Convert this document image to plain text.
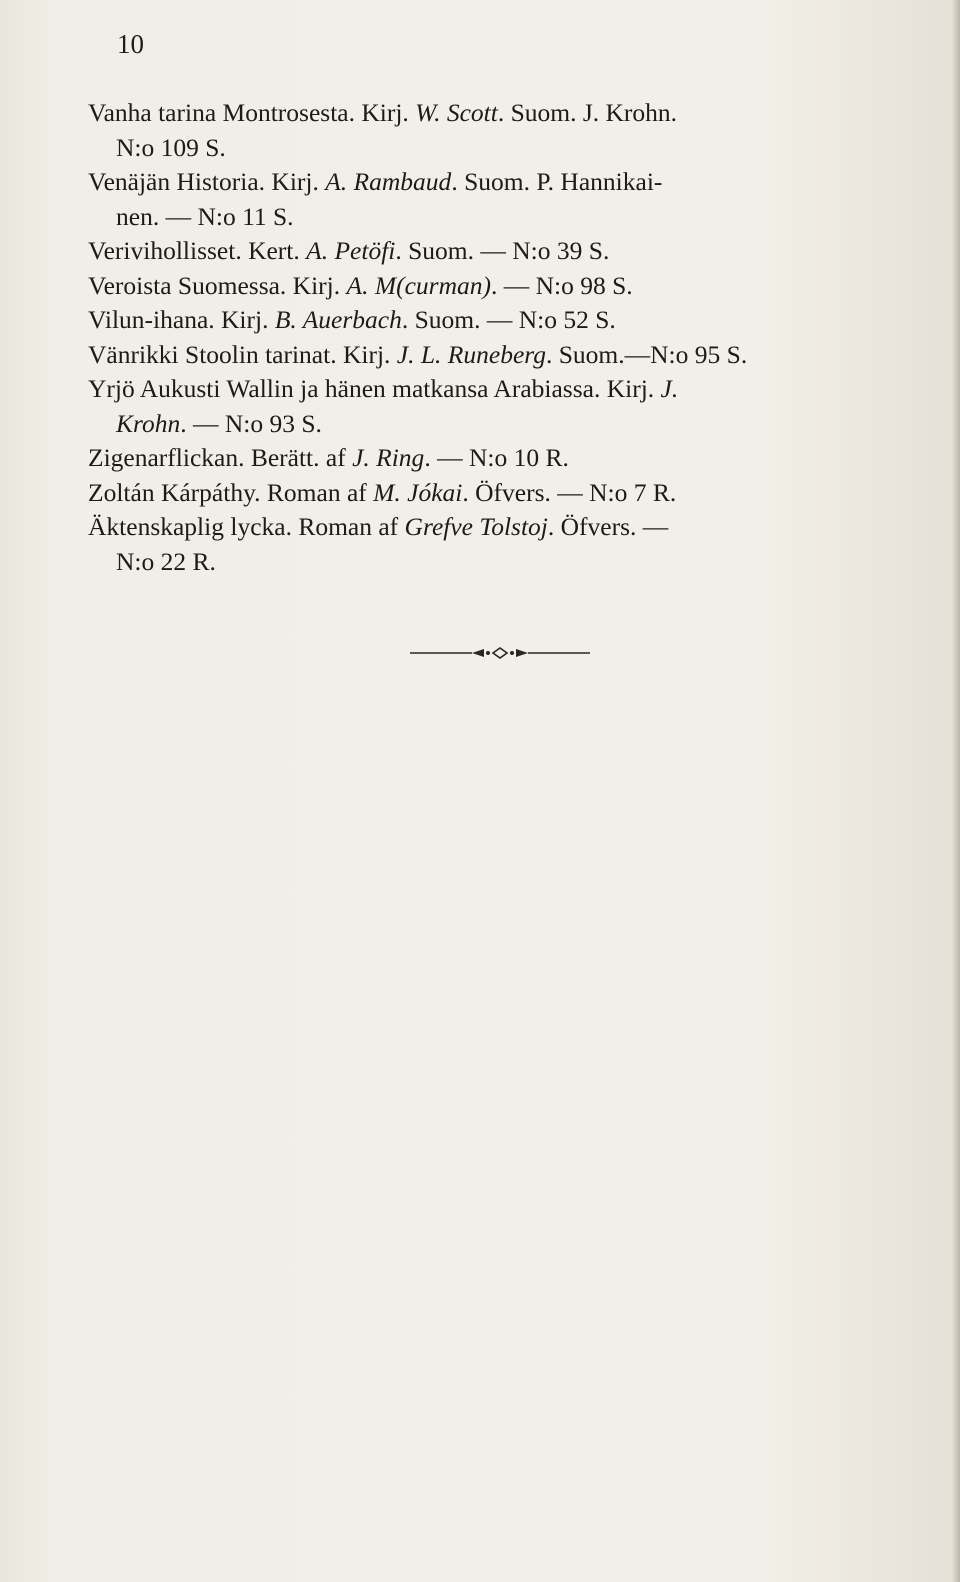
10
Vanha tarina Montrosesta. Kirj. W. Scott. Suom. J. Krohn.
N:o 109 S.
Venäjän Historia. Kirj. A. Rambaud. Suom. P. Hannikai-
nen. — N:o 11 S.
Verivihollisset. Kert. A. Petöfi. Suom. — N:o 39 S.
Veroista Suomessa. Kirj. A. M(curman). — N:o 98 S.
Vilun-ihana. Kirj. B. Auerbach. Suom. — N:o 52 S.
Vänrikki Stoolin tarinat. Kirj. J. L. Runeberg. Suom.—N:o 95 S.
Yrjö Aukusti Wallin ja hänen matkansa Arabiassa. Kirj. J.
Krohn. — N:o 93 S.
Zigenarflickan. Berätt. af J. Ring. — N:o 10 R.
Zoltán Kárpáthy. Roman af M. Jókai. Öfvers. — N:o 7 R.
Äktenskaplig lycka. Roman af Grefve Tolstoj. Öfvers. —
N:o 22 R.
